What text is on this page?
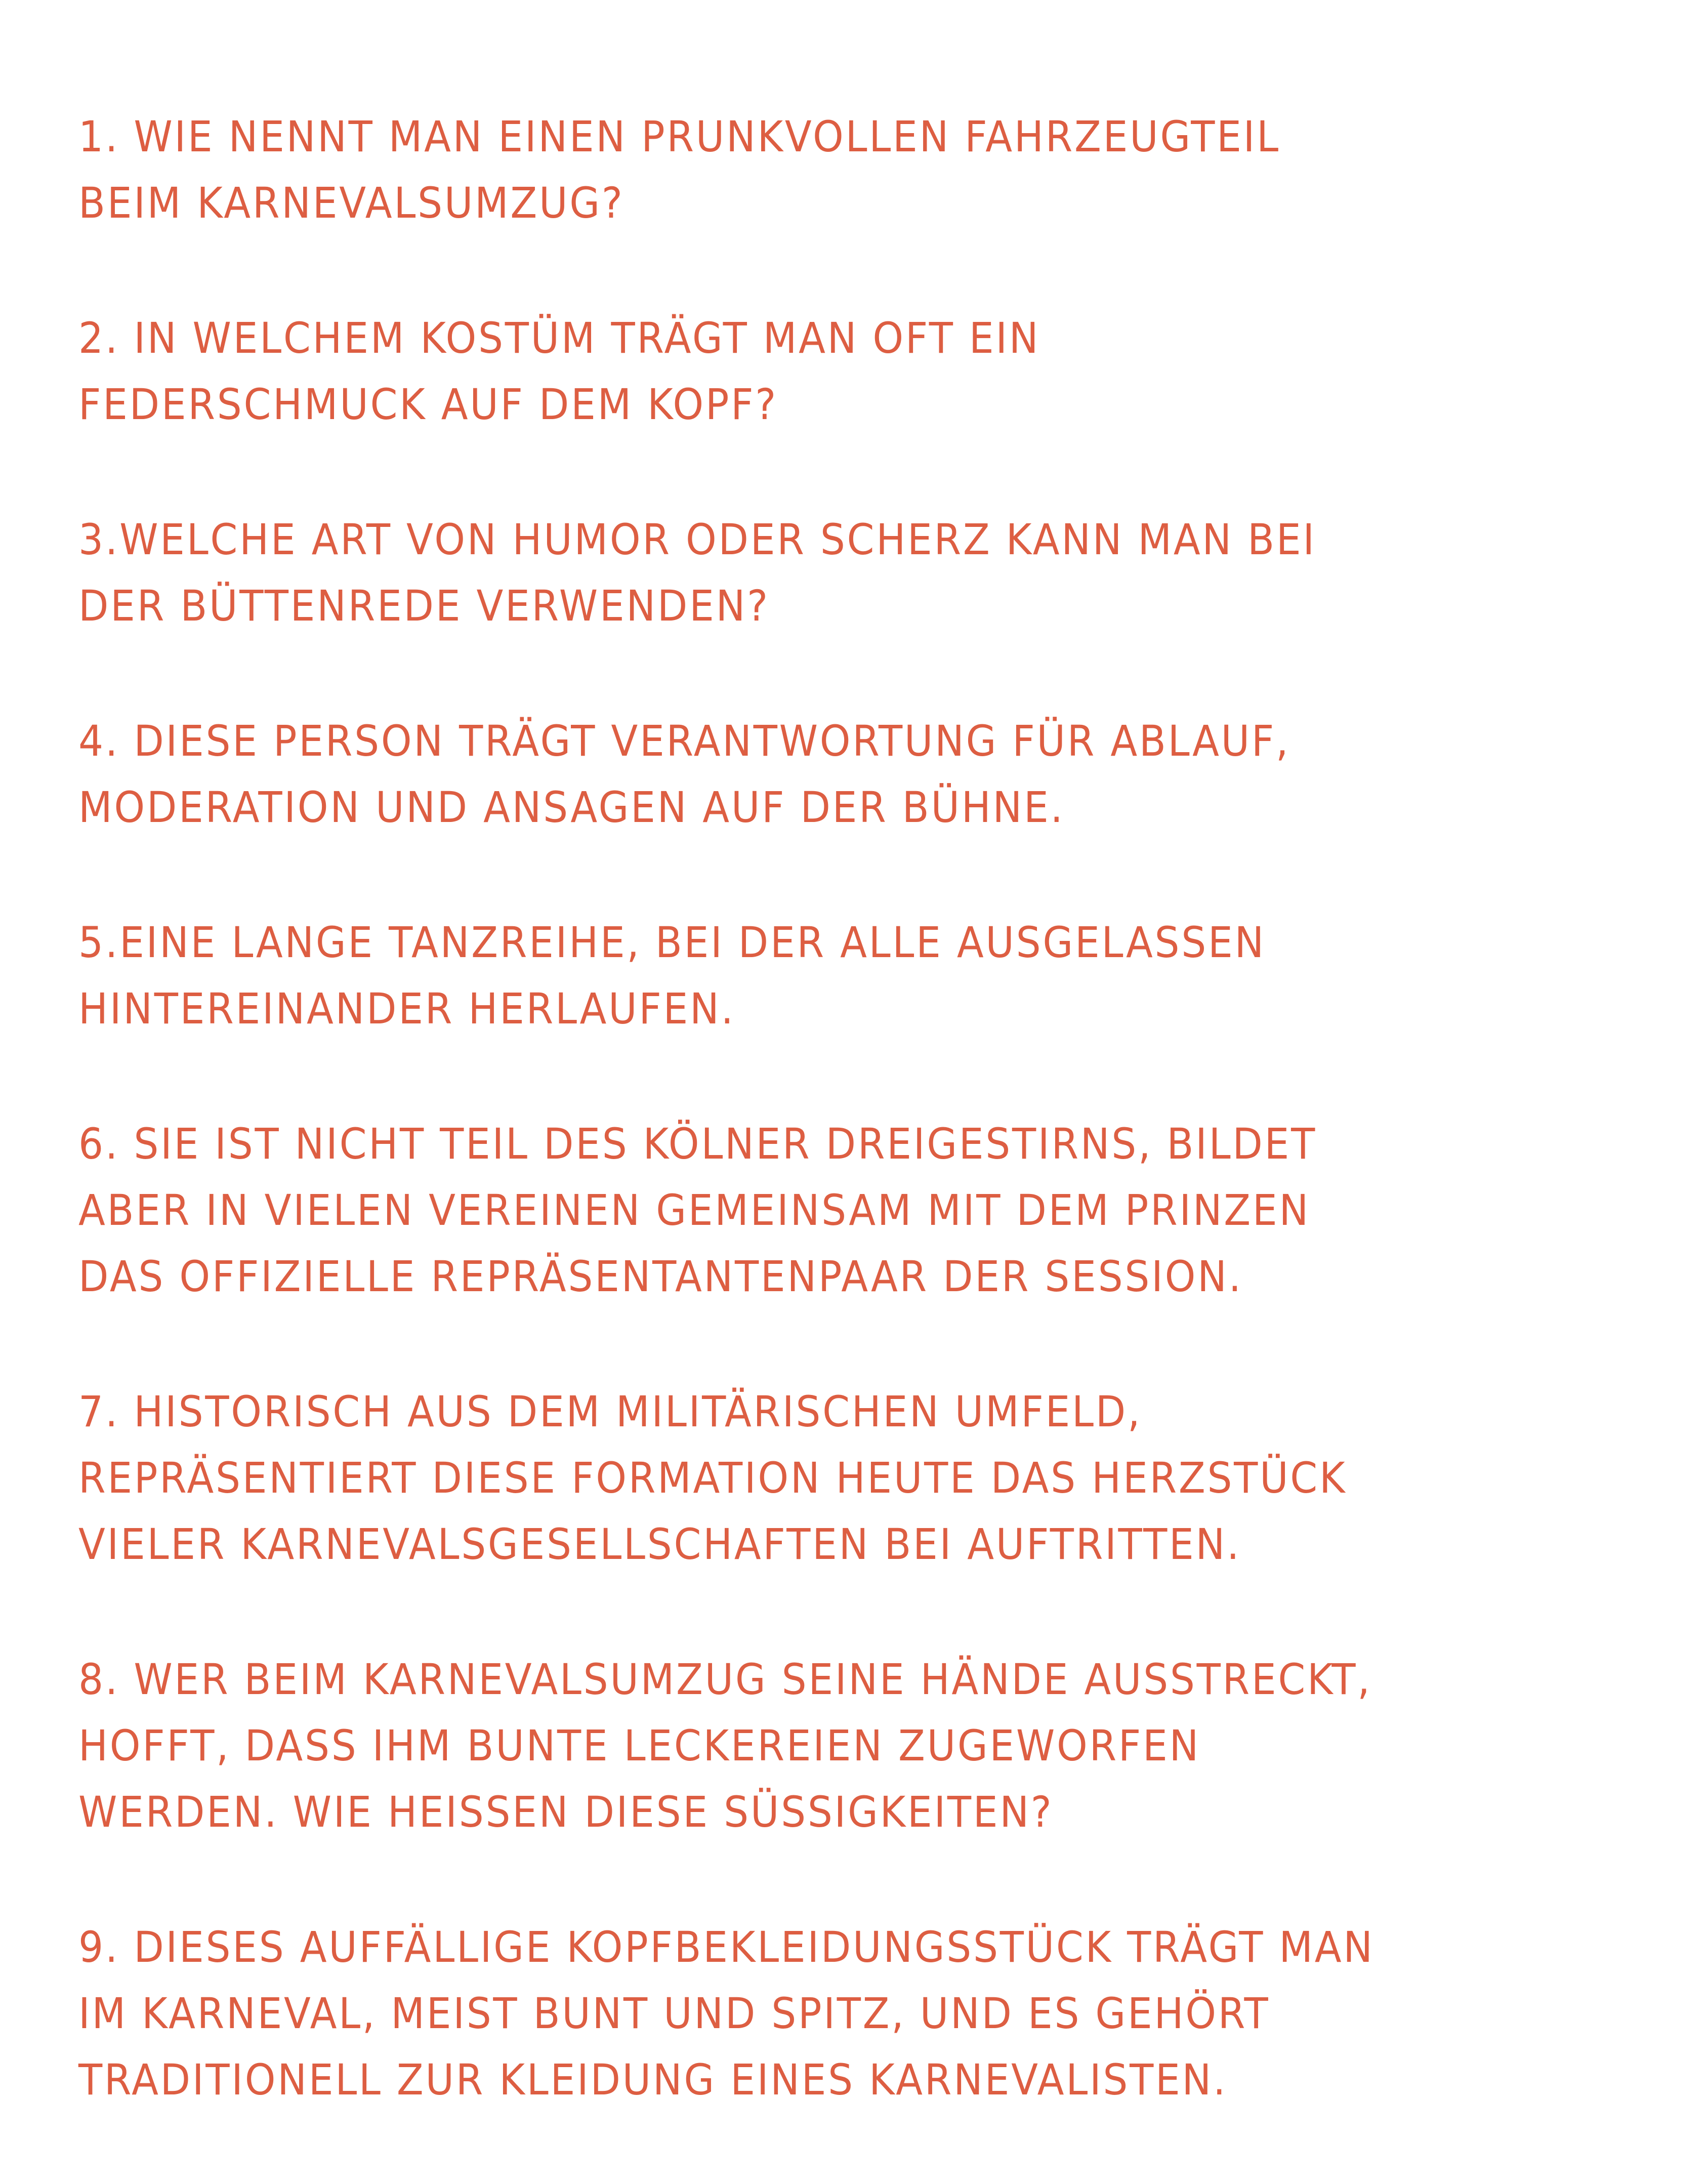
1. WIE NENNT MAN EINEN PRUNKVOLLEN FAHRZEUGTEIL
BEIM KARNEVALSUMZUG?
2. IN WELCHEM KOSTÜM TRÄGT MAN OFT EIN
FEDERSCHMUCK AUF DEM KOPF?
3.WELCHE ART VON HUMOR ODER SCHERZ KANN MAN BEI
DER BÜTTENREDE VERWENDEN?
4. DIESE PERSON TRÄGT VERANTWORTUNG FÜR ABLAUF,
MODERATION UND ANSAGEN AUF DER BÜHNE.
5.EINE LANGE TANZREIHE, BEI DER ALLE AUSGELASSEN
HINTEREINANDER HERLAUFEN.
6. SIE IST NICHT TEIL DES KÖLNER DREIGESTIRNS, BILDET
ABER IN VIELEN VEREINEN GEMEINSAM MIT DEM PRINZEN
DAS OFFIZIELLE REPRÄSENTANTENPAAR DER SESSION.
7. HISTORISCH AUS DEM MILITÄRISCHEN UMFELD,
REPRÄSENTIERT DIESE FORMATION HEUTE DAS HERZSTÜCK
VIELER KARNEVALSGESELLSCHAFTEN BEI AUFTRITTEN.
8. WER BEIM KARNEVALSUMZUG SEINE HÄNDE AUSSTRECKT,
HOFFT, DASS IHM BUNTE LECKEREIEN ZUGEWORFEN
WERDEN. WIE HEISSEN DIESE SÜSSIGKEITEN?
9. DIESES AUFFÄLLIGE KOPFBEKLEIDUNGSSTÜCK TRÄGT MAN
IM KARNEVAL, MEIST BUNT UND SPITZ, UND ES GEHÖRT
TRADITIONELL ZUR KLEIDUNG EINES KARNEVALISTEN.
